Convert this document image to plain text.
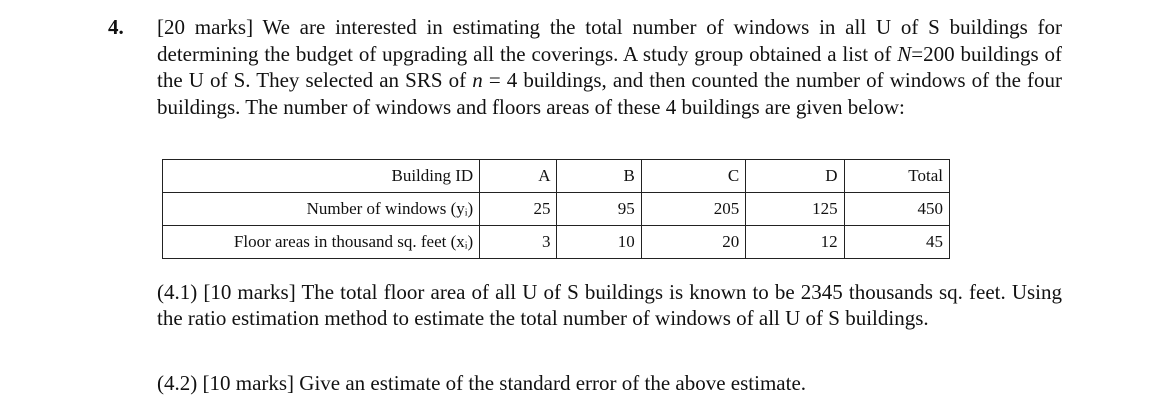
4. [20 marks] We are interested in estimating the total number of windows in all U of S buildings for determining the budget of upgrading all the coverings. A study group obtained a list of N=200 buildings of the U of S. They selected an SRS of n = 4 buildings, and then counted the number of windows of the four buildings. The number of windows and floors areas of these 4 buildings are given below:
Building ID	A	B	C	D	Total
Number of windows (yᵢ)	25	95	205	125	450
Floor areas in thousand sq. feet (xᵢ)	3	10	20	12	45
(4.1) [10 marks] The total floor area of all U of S buildings is known to be 2345 thousands sq. feet. Using the ratio estimation method to estimate the total number of windows of all U of S buildings.
(4.2) [10 marks] Give an estimate of the standard error of the above estimate.
